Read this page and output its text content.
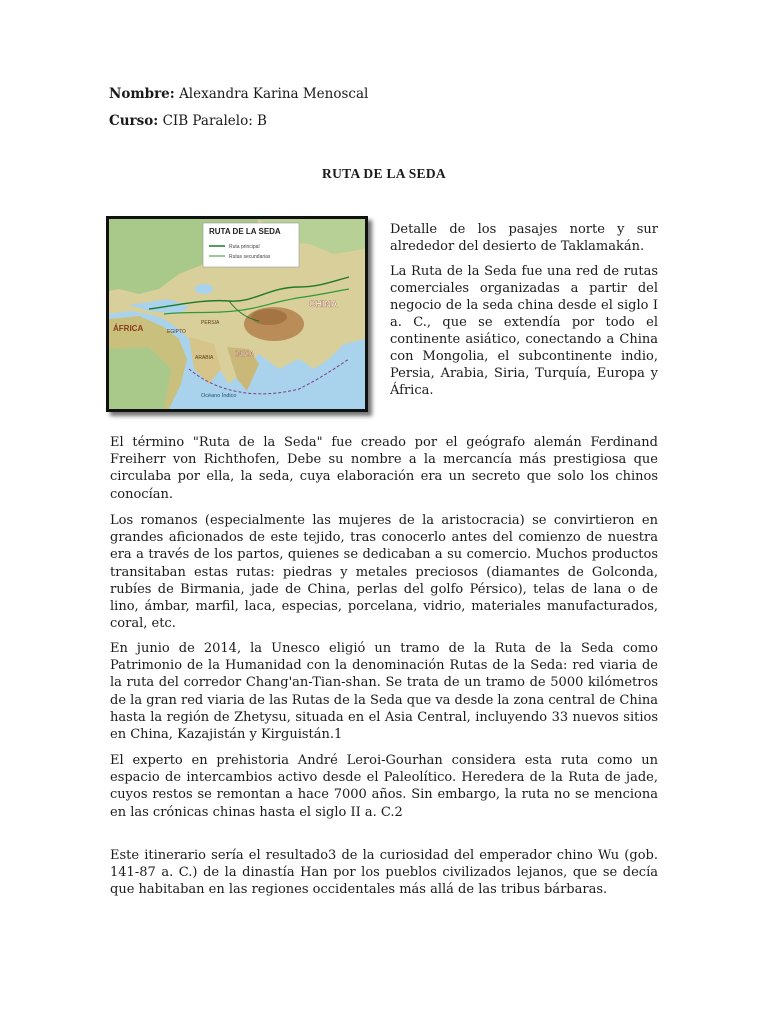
Nombre: Alexandra Karina Menoscal
Curso: CIB Paralelo: B
RUTA DE LA SEDA
RUTA DE LA SEDA
Ruta principal
Rutas secundarias
ÁFRICA
CHINA
INDIA
PERSIA
ARABIA
EGIPTO
Océano Índico

Detalle de los pasajes norte y sur alrededor del desierto de Taklamakán.

La Ruta de la Seda fue una red de rutas comerciales organizadas a partir del negocio de la seda china desde el siglo I a. C., que se extendía por todo el continente asiático, conectando a China con Mongolia, el subcontinente indio, Persia, Arabia, Siria, Turquía, Europa y África.

El término "Ruta de la Seda" fue creado por el geógrafo alemán Ferdinand Freiherr von Richthofen, Debe su nombre a la mercancía más prestigiosa que circulaba por ella, la seda, cuya elaboración era un secreto que solo los chinos conocían.

Los romanos (especialmente las mujeres de la aristocracia) se convirtieron en grandes aficionados de este tejido, tras conocerlo antes del comienzo de nuestra era a través de los partos, quienes se dedicaban a su comercio. Muchos productos transitaban estas rutas: piedras y metales preciosos (diamantes de Golconda, rubíes de Birmania, jade de China, perlas del golfo Pérsico), telas de lana o de lino, ámbar, marfil, laca, especias, porcelana, vidrio, materiales manufacturados, coral, etc.

En junio de 2014, la Unesco eligió un tramo de la Ruta de la Seda como Patrimonio de la Humanidad con la denominación Rutas de la Seda: red viaria de la ruta del corredor Chang'an-Tian-shan. Se trata de un tramo de 5000 kilómetros de la gran red viaria de las Rutas de la Seda que va desde la zona central de China hasta la región de Zhetysu, situada en el Asia Central, incluyendo 33 nuevos sitios en China, Kazajistán y Kirguistán.1

El experto en prehistoria André Leroi-Gourhan considera esta ruta como un espacio de intercambios activo desde el Paleolítico. Heredera de la Ruta de jade, cuyos restos se remontan a hace 7000 años. Sin embargo, la ruta no se menciona en las crónicas chinas hasta el siglo II a. C.2

Este itinerario sería el resultado3 de la curiosidad del emperador chino Wu (gob. 141-87 a. C.) de la dinastía Han por los pueblos civilizados lejanos, que se decía que habitaban en las regiones occidentales más allá de las tribus bárbaras.
